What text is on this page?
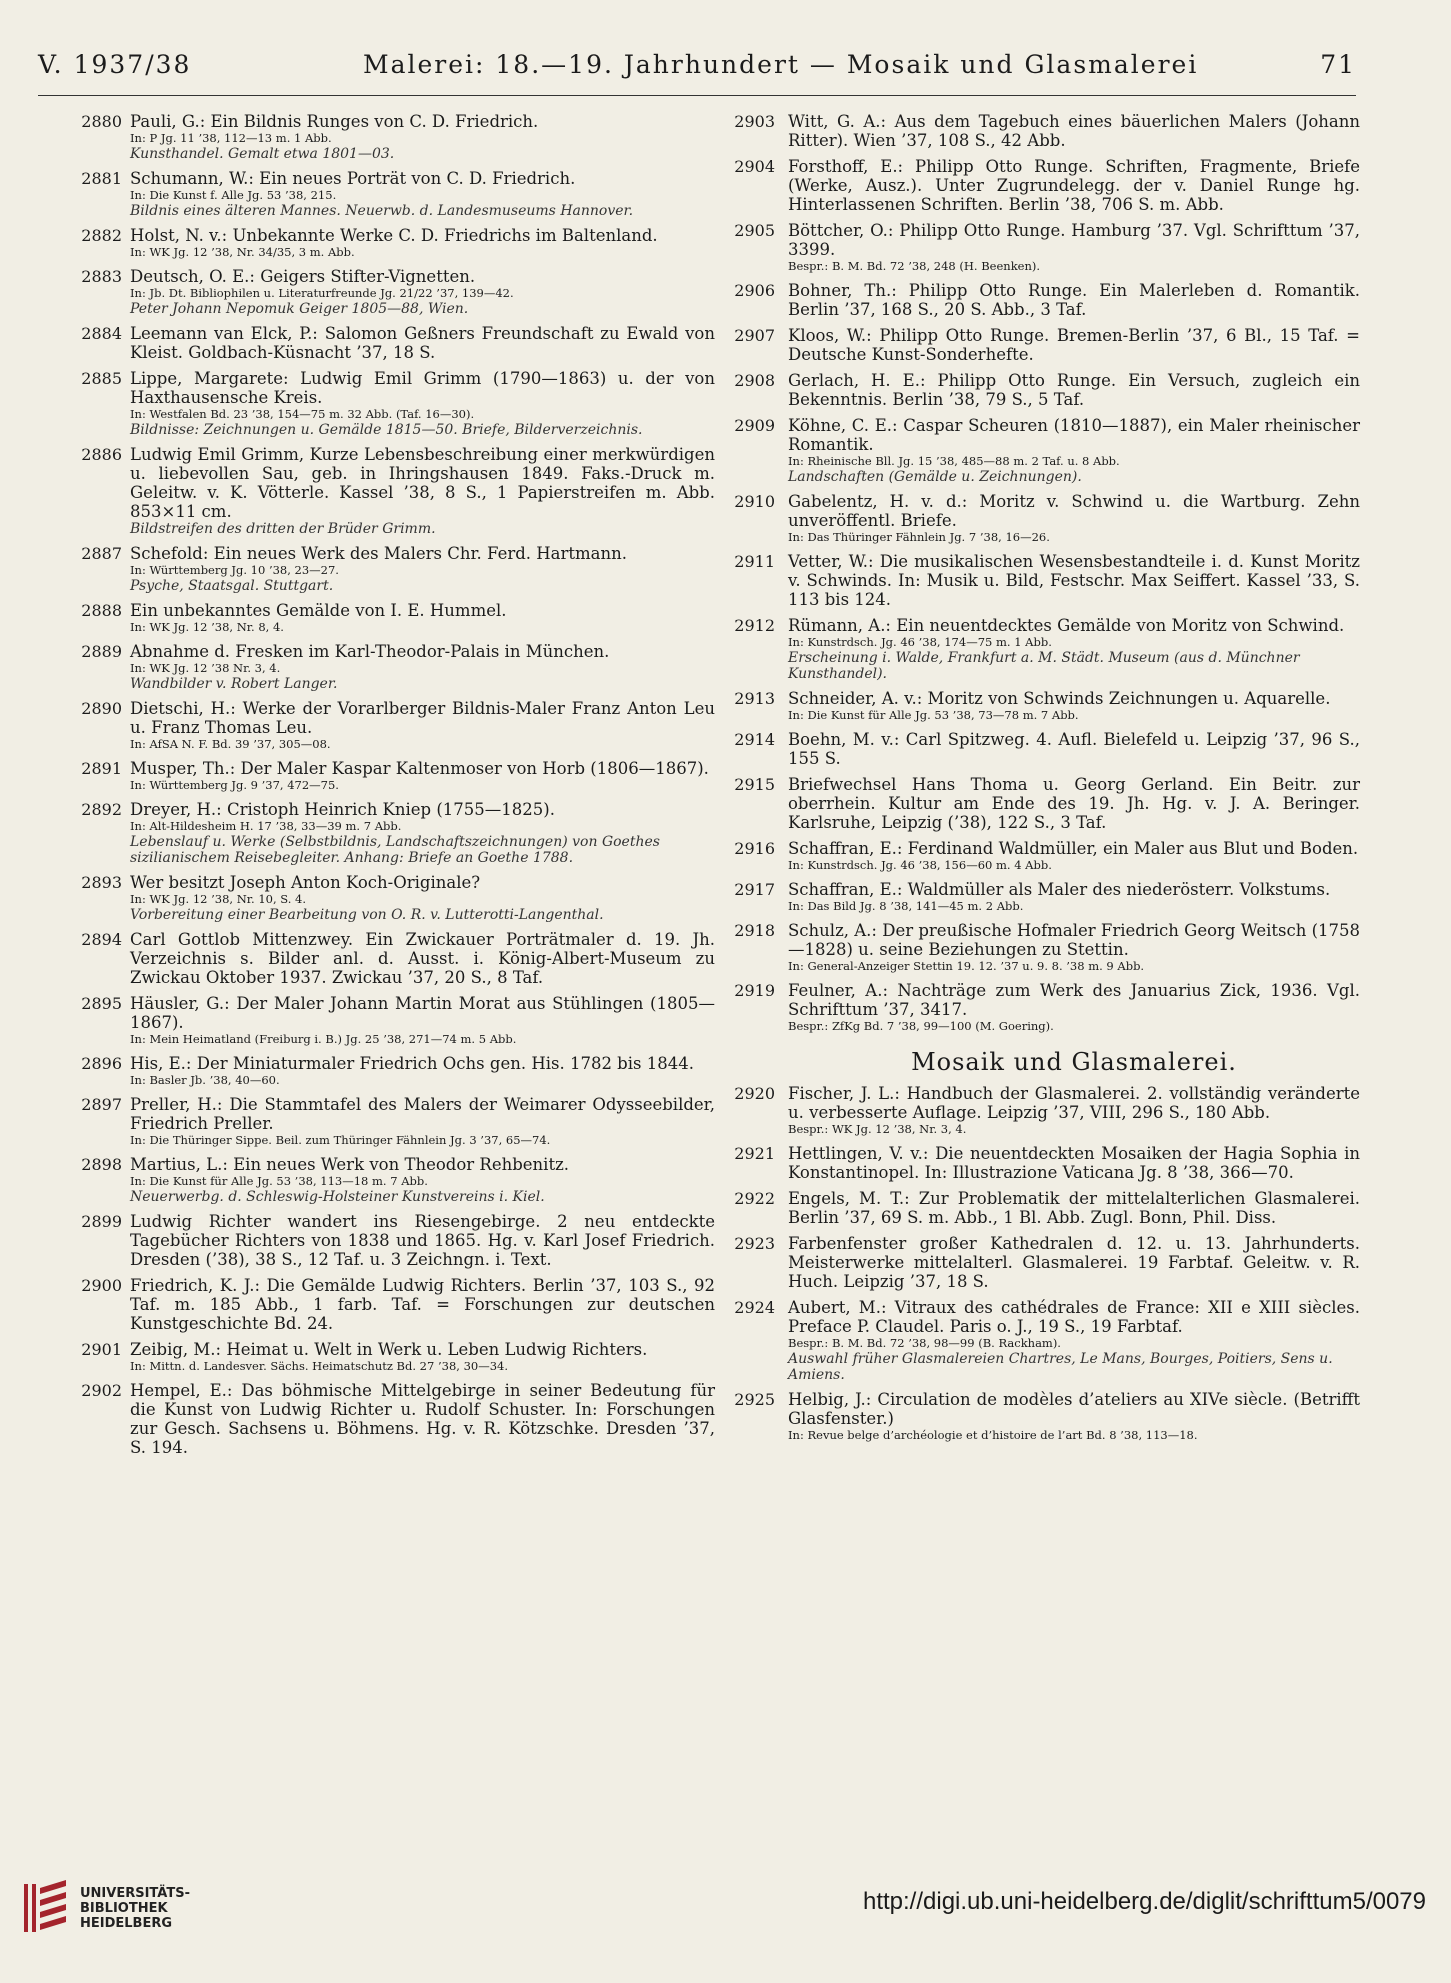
V. 1937/38	Malerei: 18.—19. Jahrhundert — Mosaik und Glasmalerei	71
2880 Pauli, G.: Ein Bildnis Runges von C. D. Friedrich.
In: P Jg. 11 ’38, 112—13 m. 1 Abb.
Kunsthandel. Gemalt etwa 1801—03.
2881 Schumann, W.: Ein neues Porträt von C. D. Friedrich.
In: Die Kunst f. Alle Jg. 53 ’38, 215.
Bildnis eines älteren Mannes. Neuerwb. d. Landesmuseums Hannover.
2882 Holst, N. v.: Unbekannte Werke C. D. Friedrichs im Baltenland.
In: WK Jg. 12 ’38, Nr. 34/35, 3 m. Abb.
2883 Deutsch, O. E.: Geigers Stifter-Vignetten.
In: Jb. Dt. Bibliophilen u. Literaturfreunde Jg. 21/22 ’37, 139—42.
Peter Johann Nepomuk Geiger 1805—88, Wien.
2884 Leemann van Elck, P.: Salomon Geßners Freundschaft zu Ewald von Kleist. Goldbach-Küsnacht ’37, 18 S.
2885 Lippe, Margarete: Ludwig Emil Grimm (1790—1863) u. der von Haxthausensche Kreis.
In: Westfalen Bd. 23 ’38, 154—75 m. 32 Abb. (Taf. 16—30).
Bildnisse: Zeichnungen u. Gemälde 1815—50. Briefe, Bilderverzeichnis.
2886 Ludwig Emil Grimm, Kurze Lebensbeschreibung einer merkwürdigen u. liebevollen Sau, geb. in Ihringshausen 1849. Faks.-Druck m. Geleitw. v. K. Vötterle. Kassel ’38, 8 S., 1 Papierstreifen m. Abb. 853×11 cm.
Bildstreifen des dritten der Brüder Grimm.
2887 Schefold: Ein neues Werk des Malers Chr. Ferd. Hartmann.
In: Württemberg Jg. 10 ’38, 23—27.
Psyche, Staatsgal. Stuttgart.
2888 Ein unbekanntes Gemälde von I. E. Hummel.
In: WK Jg. 12 ’38, Nr. 8, 4.
2889 Abnahme d. Fresken im Karl-Theodor-Palais in München.
In: WK Jg. 12 ’38 Nr. 3, 4.
Wandbilder v. Robert Langer.
2890 Dietschi, H.: Werke der Vorarlberger Bildnis-Maler Franz Anton Leu u. Franz Thomas Leu.
In: AfSA N. F. Bd. 39 ’37, 305—08.
2891 Musper, Th.: Der Maler Kaspar Kaltenmoser von Horb (1806—1867).
In: Württemberg Jg. 9 ’37, 472—75.
2892 Dreyer, H.: Cristoph Heinrich Kniep (1755—1825).
In: Alt-Hildesheim H. 17 ’38, 33—39 m. 7 Abb.
Lebenslauf u. Werke (Selbstbildnis, Landschaftszeichnungen) von Goethes sizilianischem Reisebegleiter. Anhang: Briefe an Goethe 1788.
2893 Wer besitzt Joseph Anton Koch-Originale?
In: WK Jg. 12 ’38, Nr. 10, S. 4.
Vorbereitung einer Bearbeitung von O. R. v. Lutterotti-Langenthal.
2894 Carl Gottlob Mittenzwey. Ein Zwickauer Porträtmaler d. 19. Jh. Verzeichnis s. Bilder anl. d. Ausst. i. König-Albert-Museum zu Zwickau Oktober 1937. Zwickau ’37, 20 S., 8 Taf.
2895 Häusler, G.: Der Maler Johann Martin Morat aus Stühlingen (1805—1867).
In: Mein Heimatland (Freiburg i. B.) Jg. 25 ’38, 271—74 m. 5 Abb.
2896 His, E.: Der Miniaturmaler Friedrich Ochs gen. His. 1782 bis 1844.
In: Basler Jb. ’38, 40—60.
2897 Preller, H.: Die Stammtafel des Malers der Weimarer Odysseebilder, Friedrich Preller.
In: Die Thüringer Sippe. Beil. zum Thüringer Fähnlein Jg. 3 ’37, 65—74.
2898 Martius, L.: Ein neues Werk von Theodor Rehbenitz.
In: Die Kunst für Alle Jg. 53 ’38, 113—18 m. 7 Abb.
Neuerwerbg. d. Schleswig-Holsteiner Kunstvereins i. Kiel.
2899 Ludwig Richter wandert ins Riesengebirge. 2 neu entdeckte Tagebücher Richters von 1838 und 1865. Hg. v. Karl Josef Friedrich. Dresden (’38), 38 S., 12 Taf. u. 3 Zeichngn. i. Text.
2900 Friedrich, K. J.: Die Gemälde Ludwig Richters. Berlin ’37, 103 S., 92 Taf. m. 185 Abb., 1 farb. Taf. = Forschungen zur deutschen Kunstgeschichte Bd. 24.
2901 Zeibig, M.: Heimat u. Welt in Werk u. Leben Ludwig Richters.
In: Mittn. d. Landesver. Sächs. Heimatschutz Bd. 27 ’38, 30—34.
2902 Hempel, E.: Das böhmische Mittelgebirge in seiner Bedeutung für die Kunst von Ludwig Richter u. Rudolf Schuster. In: Forschungen zur Gesch. Sachsens u. Böhmens. Hg. v. R. Kötzschke. Dresden ’37, S. 194.
2903 Witt, G. A.: Aus dem Tagebuch eines bäuerlichen Malers (Johann Ritter). Wien ’37, 108 S., 42 Abb.
2904 Forsthoff, E.: Philipp Otto Runge. Schriften, Fragmente, Briefe (Werke, Ausz.). Unter Zugrundelegg. der v. Daniel Runge hg. Hinterlassenen Schriften. Berlin ’38, 706 S. m. Abb.
2905 Böttcher, O.: Philipp Otto Runge. Hamburg ’37. Vgl. Schrifttum ’37, 3399.
Bespr.: B. M. Bd. 72 ’38, 248 (H. Beenken).
2906 Bohner, Th.: Philipp Otto Runge. Ein Malerleben d. Romantik. Berlin ’37, 168 S., 20 S. Abb., 3 Taf.
2907 Kloos, W.: Philipp Otto Runge. Bremen-Berlin ’37, 6 Bl., 15 Taf. = Deutsche Kunst-Sonderhefte.
2908 Gerlach, H. E.: Philipp Otto Runge. Ein Versuch, zugleich ein Bekenntnis. Berlin ’38, 79 S., 5 Taf.
2909 Köhne, C. E.: Caspar Scheuren (1810—1887), ein Maler rheinischer Romantik.
In: Rheinische Bll. Jg. 15 ’38, 485—88 m. 2 Taf. u. 8 Abb.
Landschaften (Gemälde u. Zeichnungen).
2910 Gabelentz, H. v. d.: Moritz v. Schwind u. die Wartburg. Zehn unveröffentl. Briefe.
In: Das Thüringer Fähnlein Jg. 7 ’38, 16—26.
2911 Vetter, W.: Die musikalischen Wesensbestandteile i. d. Kunst Moritz v. Schwinds. In: Musik u. Bild, Festschr. Max Seiffert. Kassel ’33, S. 113 bis 124.
2912 Rümann, A.: Ein neuentdecktes Gemälde von Moritz von Schwind.
In: Kunstrdsch. Jg. 46 ’38, 174—75 m. 1 Abb.
Erscheinung i. Walde, Frankfurt a. M. Städt. Museum (aus d. Münchner Kunsthandel).
2913 Schneider, A. v.: Moritz von Schwinds Zeichnungen u. Aquarelle.
In: Die Kunst für Alle Jg. 53 ’38, 73—78 m. 7 Abb.
2914 Boehn, M. v.: Carl Spitzweg. 4. Aufl. Bielefeld u. Leipzig ’37, 96 S., 155 S.
2915 Briefwechsel Hans Thoma u. Georg Gerland. Ein Beitr. zur oberrhein. Kultur am Ende des 19. Jh. Hg. v. J. A. Beringer. Karlsruhe, Leipzig (’38), 122 S., 3 Taf.
2916 Schaffran, E.: Ferdinand Waldmüller, ein Maler aus Blut und Boden.
In: Kunstrdsch. Jg. 46 ’38, 156—60 m. 4 Abb.
2917 Schaffran, E.: Waldmüller als Maler des niederösterr. Volkstums.
In: Das Bild Jg. 8 ’38, 141—45 m. 2 Abb.
2918 Schulz, A.: Der preußische Hofmaler Friedrich Georg Weitsch (1758—1828) u. seine Beziehungen zu Stettin.
In: General-Anzeiger Stettin 19. 12. ’37 u. 9. 8. ’38 m. 9 Abb.
2919 Feulner, A.: Nachträge zum Werk des Januarius Zick, 1936. Vgl. Schrifttum ’37, 3417.
Bespr.: ZfKg Bd. 7 ’38, 99—100 (M. Goering).
Mosaik und Glasmalerei.
2920 Fischer, J. L.: Handbuch der Glasmalerei. 2. vollständig veränderte u. verbesserte Auflage. Leipzig ’37, VIII, 296 S., 180 Abb.
Bespr.: WK Jg. 12 ’38, Nr. 3, 4.
2921 Hettlingen, V. v.: Die neuentdeckten Mosaiken der Hagia Sophia in Konstantinopel. In: Illustrazione Vaticana Jg. 8 ’38, 366—70.
2922 Engels, M. T.: Zur Problematik der mittelalterlichen Glasmalerei. Berlin ’37, 69 S. m. Abb., 1 Bl. Abb. Zugl. Bonn, Phil. Diss.
2923 Farbenfenster großer Kathedralen d. 12. u. 13. Jahrhunderts. Meisterwerke mittelalterl. Glasmalerei. 19 Farbtaf. Geleitw. v. R. Huch. Leipzig ’37, 18 S.
2924 Aubert, M.: Vitraux des cathédrales de France: XII e XIII siècles. Preface P. Claudel. Paris o. J., 19 S., 19 Farbtaf.
Bespr.: B. M. Bd. 72 ’38, 98—99 (B. Rackham).
Auswahl früher Glasmalereien Chartres, Le Mans, Bourges, Poitiers, Sens u. Amiens.
2925 Helbig, J.: Circulation de modèles d’ateliers au XIVe siècle. (Betrifft Glasfenster.)
In: Revue belge d’archéologie et d’histoire de l’art Bd. 8 ’38, 113—18.
UNIVERSITÄTS-
BIBLIOTHEK
HEIDELBERG
http://digi.ub.uni-heidelberg.de/diglit/schrifttum5/0079
